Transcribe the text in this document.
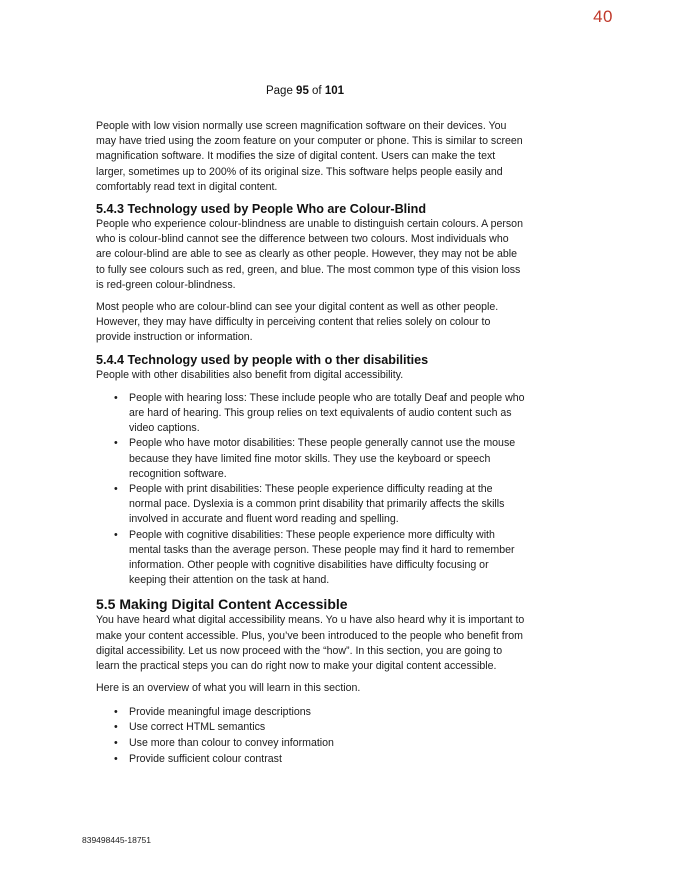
40
Page 95 of 101

People with low vision normally use screen magnification software on their devices. You may have tried using the zoom feature on your computer or phone. This is similar to screen magnification software. It modifies the size of digital content. Users can make the text larger, sometimes up to 200% of its original size. This software helps people easily and comfortably read text in digital content.

5.4.3 Technology used by People Who are Colour-Blind

People who experience colour-blindness are unable to distinguish certain colours. A person who is colour-blind cannot see the difference between two colours. Most individuals who are colour-blind are able to see as clearly as other people. However, they may not be able to fully see colours such as red, green, and blue. The most common type of this vision loss is red-green colour-blindness.

Most people who are colour-blind can see your digital content as well as other people. However, they may have difficulty in perceiving content that relies solely on colour to provide instruction or information.

5.4.4 Technology used by people with o ther disabilities

People with other disabilities also benefit from digital accessibility.

• People with hearing loss: These include people who are totally Deaf and people who are hard of hearing. This group relies on text equivalents of audio content such as video captions.
• People who have motor disabilities: These people generally cannot use the mouse because they have limited fine motor skills. They use the keyboard or speech recognition software.
• People with print disabilities: These people experience difficulty reading at the normal pace. Dyslexia is a common print disability that primarily affects the skills involved in accurate and fluent word reading and spelling.
• People with cognitive disabilities: These people experience more difficulty with mental tasks than the average person. These people may find it hard to remember information. Other people with cognitive disabilities have difficulty focusing or keeping their attention on the task at hand.
5.5 Making Digital Content Accessible

You have heard what digital accessibility means. Yo u have also heard why it is important to make your content accessible. Plus, you’ve been introduced to the people who benefit from digital accessibility. Let us now proceed with the “how”. In this section, you are going to learn the practical steps you can do right now to make your digital content accessible.

Here is an overview of what you will learn in this section.

• Provide meaningful image descriptions
• Use correct HTML semantics
• Use more than colour to convey information
• Provide sufficient colour contrast
839498445-18751
